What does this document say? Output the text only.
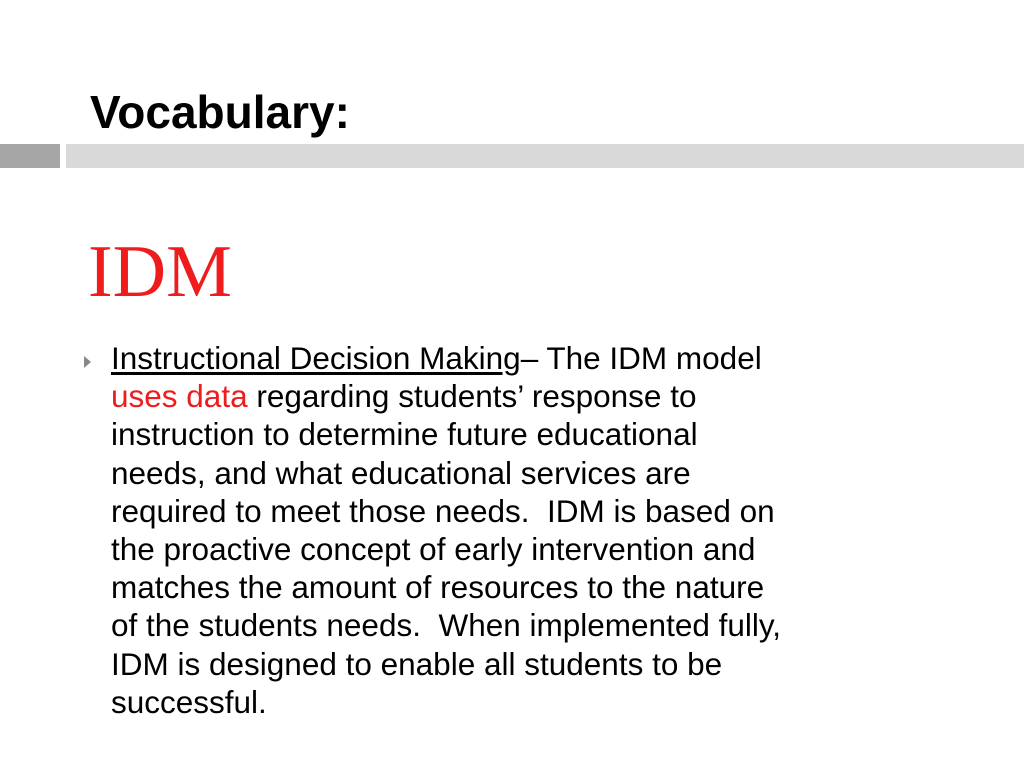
Vocabulary:
IDM

Instructional Decision Making– The IDM model
uses data regarding students’ response to
instruction to determine future educational
needs, and what educational services are
required to meet those needs.  IDM is based on
the proactive concept of early intervention and
matches the amount of resources to the nature
of the students needs.  When implemented fully,
IDM is designed to enable all students to be
successful.
